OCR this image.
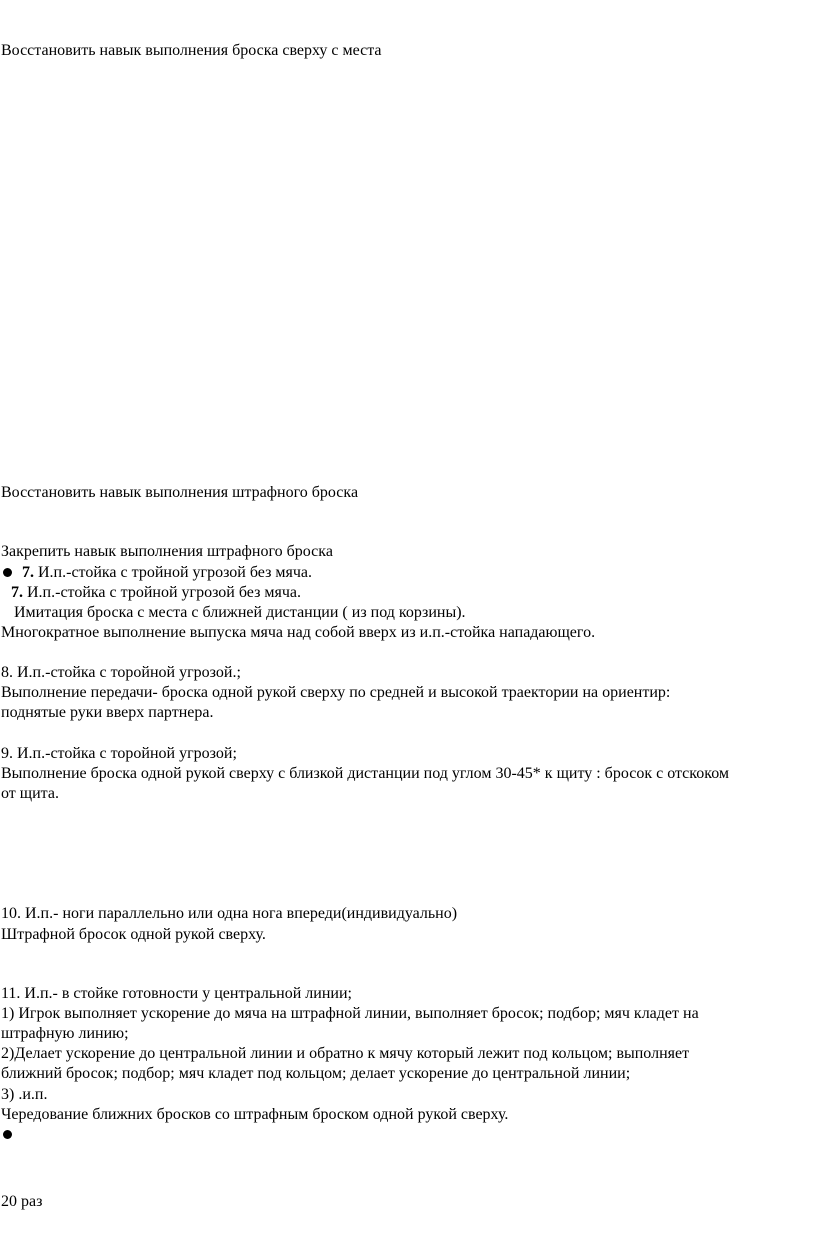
Восстановить навык выполнения броска сверху с места
Восстановить навык выполнения штрафного броска
Закрепить навык выполнения штрафного броска
7. И.п.-стойка с тройной угрозой без мяча.
7. И.п.-стойка с тройной угрозой без мяча.
Имитация броска с места с ближней дистанции ( из под корзины).
Многократное выполнение выпуска мяча над собой вверх из и.п.-стойка нападающего.
8. И.п.-стойка с торойной угрозой.;
Выполнение передачи- броска одной рукой сверху по средней и высокой траектории на ориентир:
поднятые руки вверх партнера.
9. И.п.-стойка с торойной угрозой;
Выполнение броска одной рукой сверху с близкой дистанции под углом 30-45* к щиту : бросок с отскоком
от щита.
10. И.п.- ноги параллельно или одна нога впереди(индивидуально)
Штрафной бросок одной рукой сверху.
11. И.п.- в стойке готовности у центральной линии;
1) Игрок выполняет ускорение до мяча на штрафной линии, выполняет бросок; подбор; мяч кладет на
штрафную линию;
2)Делает ускорение до центральной линии и обратно к мячу который лежит под кольцом; выполняет
ближний бросок; подбор; мяч кладет под кольцом; делает ускорение до центральной линии;
3) .и.п.
Чередование ближних бросков со штрафным броском одной рукой сверху.
20 раз
